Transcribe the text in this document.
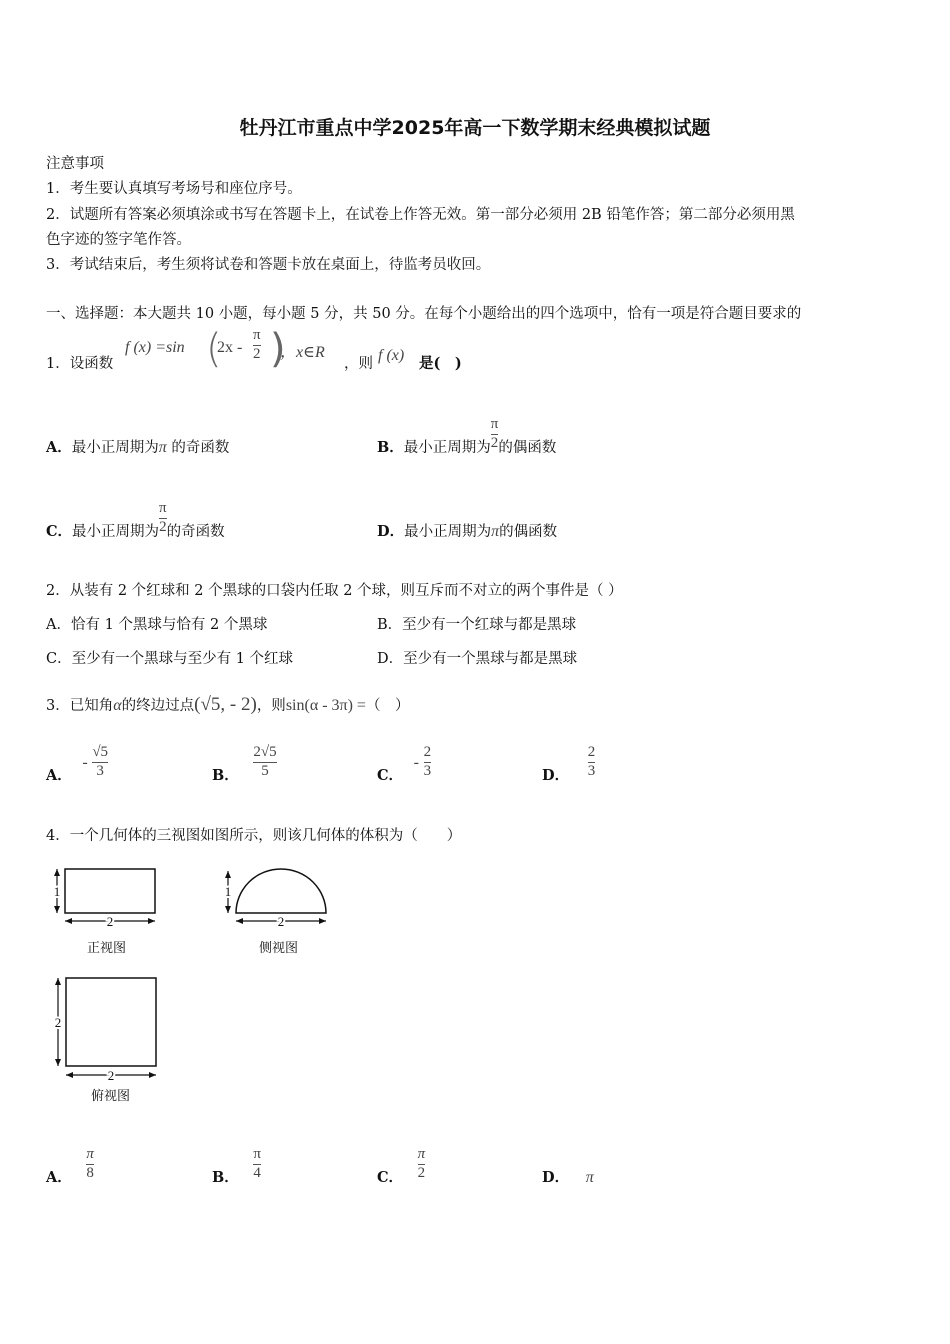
牡丹江市重点中学2025年高一下数学期末经典模拟试题
注意事项
1．考生要认真填写考场号和座位序号。
2．试题所有答案必须填涂或书写在答题卡上，在试卷上作答无效。第一部分必须用 2B 铅笔作答；第二部分必须用黑
色字迹的签字笔作答。
3．考试结束后，考生须将试卷和答题卡放在桌面上，待监考员收回。
一、选择题：本大题共 10 小题，每小题 5 分，共 50 分。在每个小题给出的四个选项中，恰有一项是符合题目要求的
1．设函数
f (x) =sin (
$2x - \frac{\pi}{2}$ )
，x∈R
，则 f (x) 是(　)
A．最小正周期为π 的奇函数	B．最小正周期为 $\frac{\pi}{2}$ 的偶函数
C．最小正周期为 $\frac{\pi}{2}$ 的奇函数	D．最小正周期为π的偶函数
2．从装有 2 个红球和 2 个黑球的口袋内任取 2 个球，则互斥而不对立的两个事件是（ ）
A．恰有 1 个黑球与恰有 2 个黑球	B．至少有一个红球与都是黑球
C．至少有一个黑球与至少有 1 个红球	D．至少有一个黑球与都是黑球
3．已知角α的终边过点(√5, - 2)，则sin(α - 3π) =（　）
A． - $\frac{√5}{3}$	B． $\frac{2√5}{5}$	C． - $\frac{2}{3}$	D． $\frac{2}{3}$
4．一个几何体的三视图如图所示，则该几何体的体积为（　　）
1
2
正视图
1
2
侧视图
2
2
俯视图
A． $\frac{\pi}{8}$	B． $\frac{\pi}{4}$	C． $\frac{\pi}{2}$	D． π
